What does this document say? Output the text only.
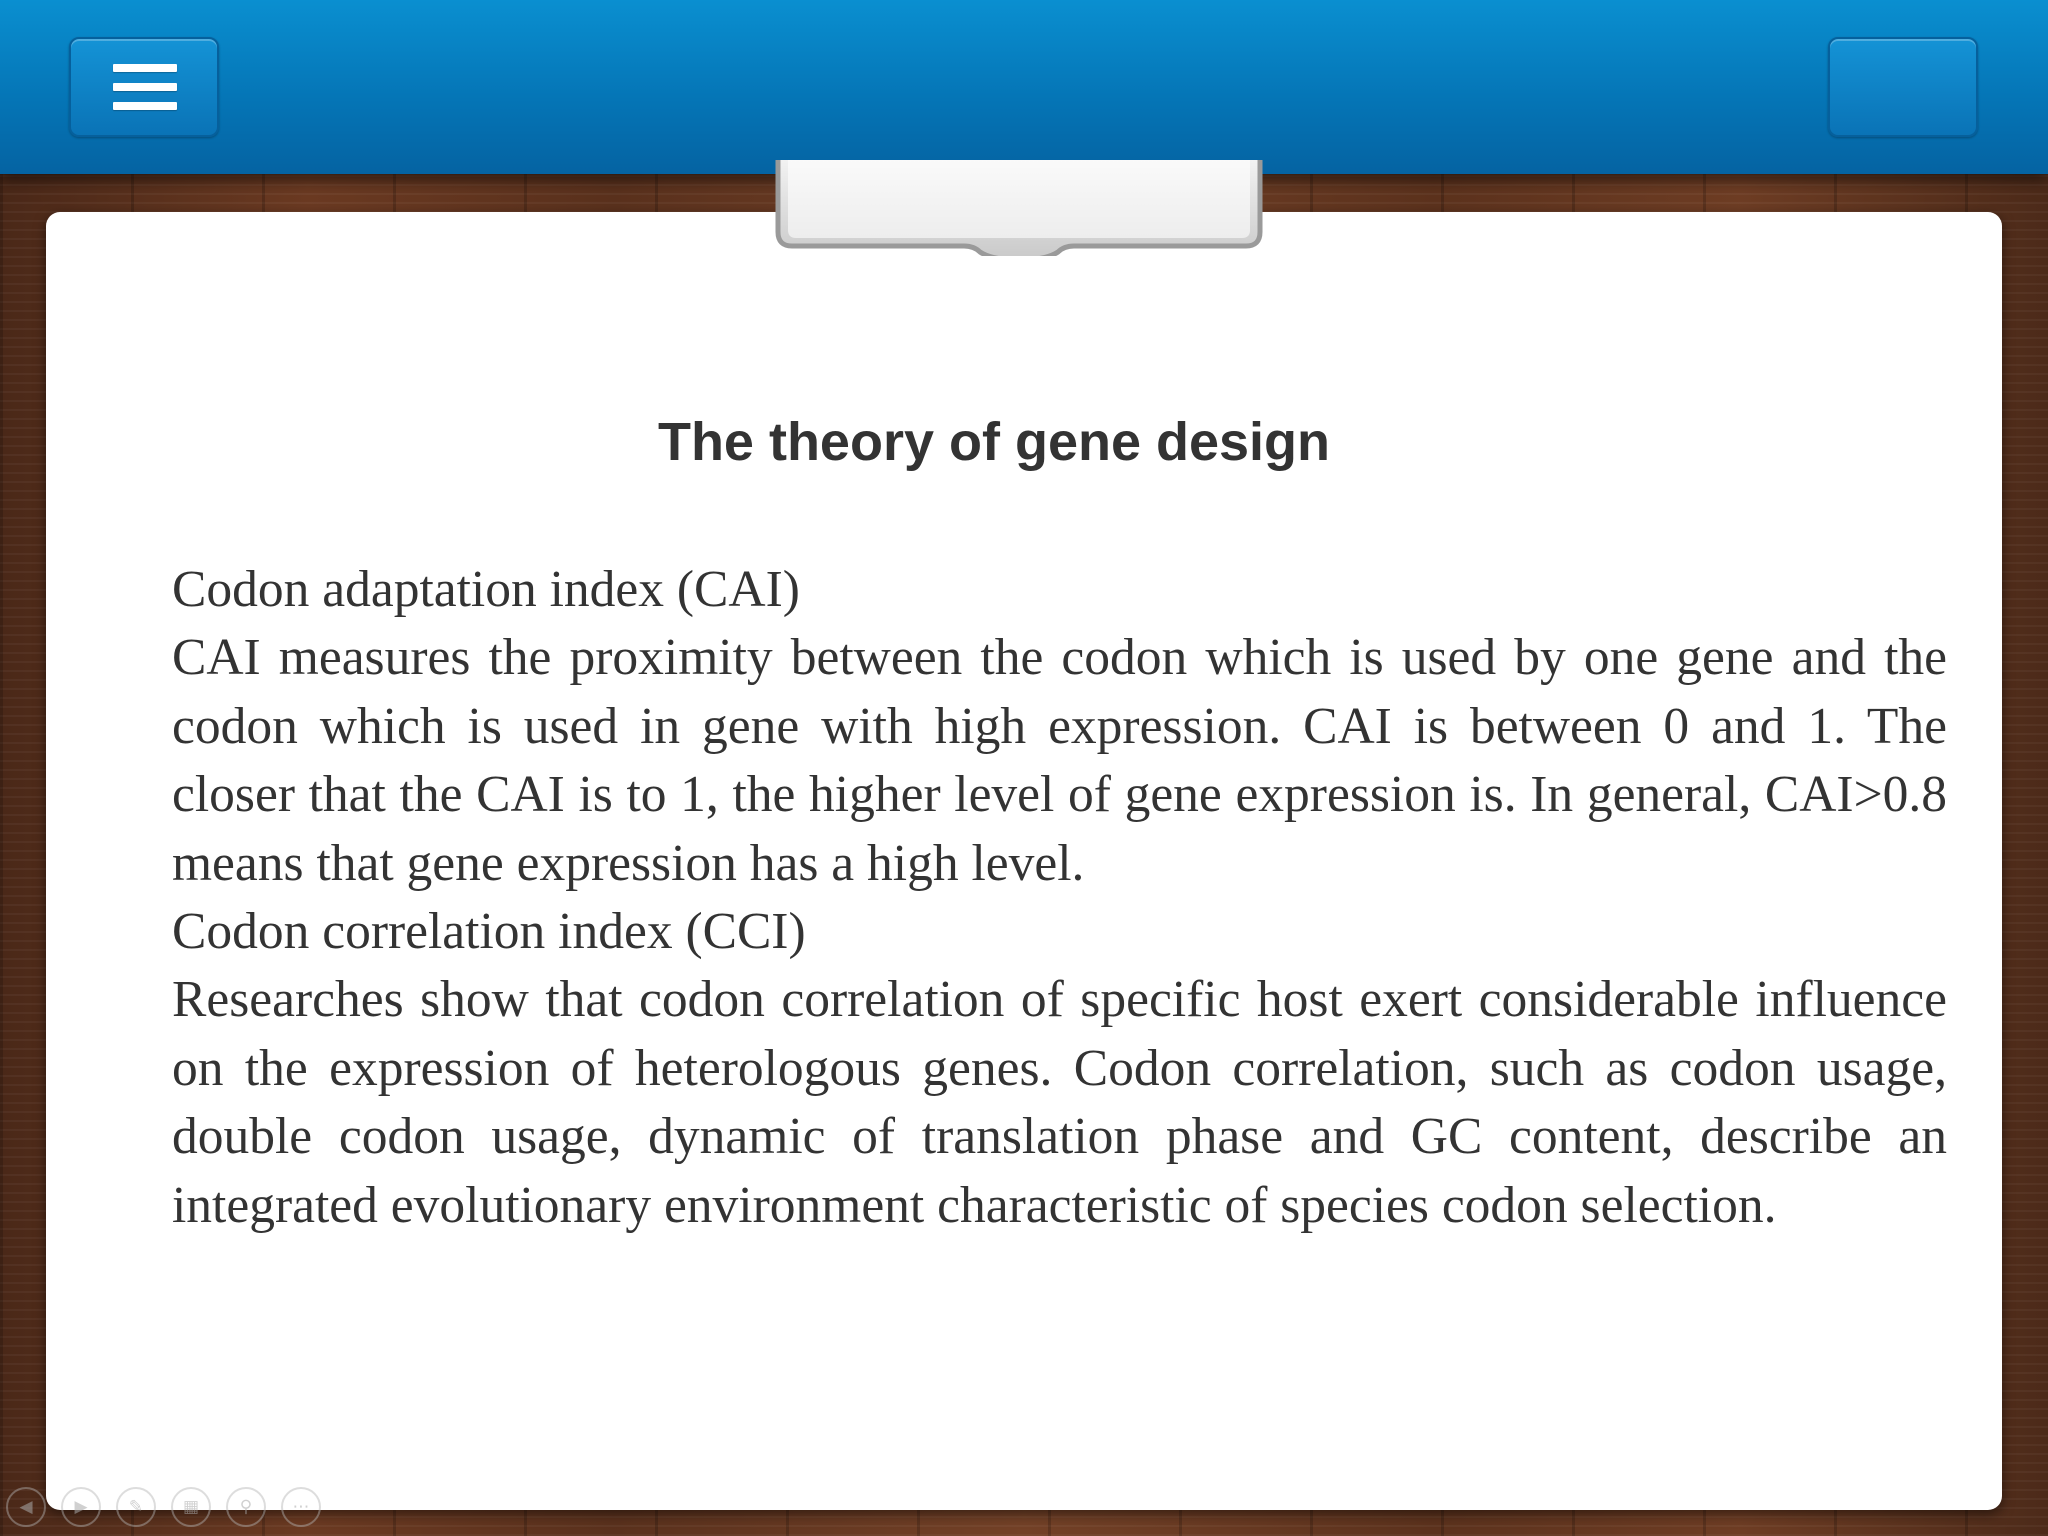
The theory of gene design

Codon adaptation index (CAI)

CAI measures the proximity between the codon which is used by one gene and the codon which is used in gene with high expression. CAI is between 0 and 1. The closer that the CAI is to 1, the higher level of gene expression is. In general, CAI>0.8 means that gene expression has a high level.

Codon correlation index (CCI)

Researches show that codon correlation of specific host exert considerable influence on the expression of heterologous genes. Codon correlation, such as codon usage, double codon usage, dynamic of translation phase and GC content, describe an integrated evolutionary environment characteristic of species codon selection.

◀	▶	✎	▦	⚲	⋯
